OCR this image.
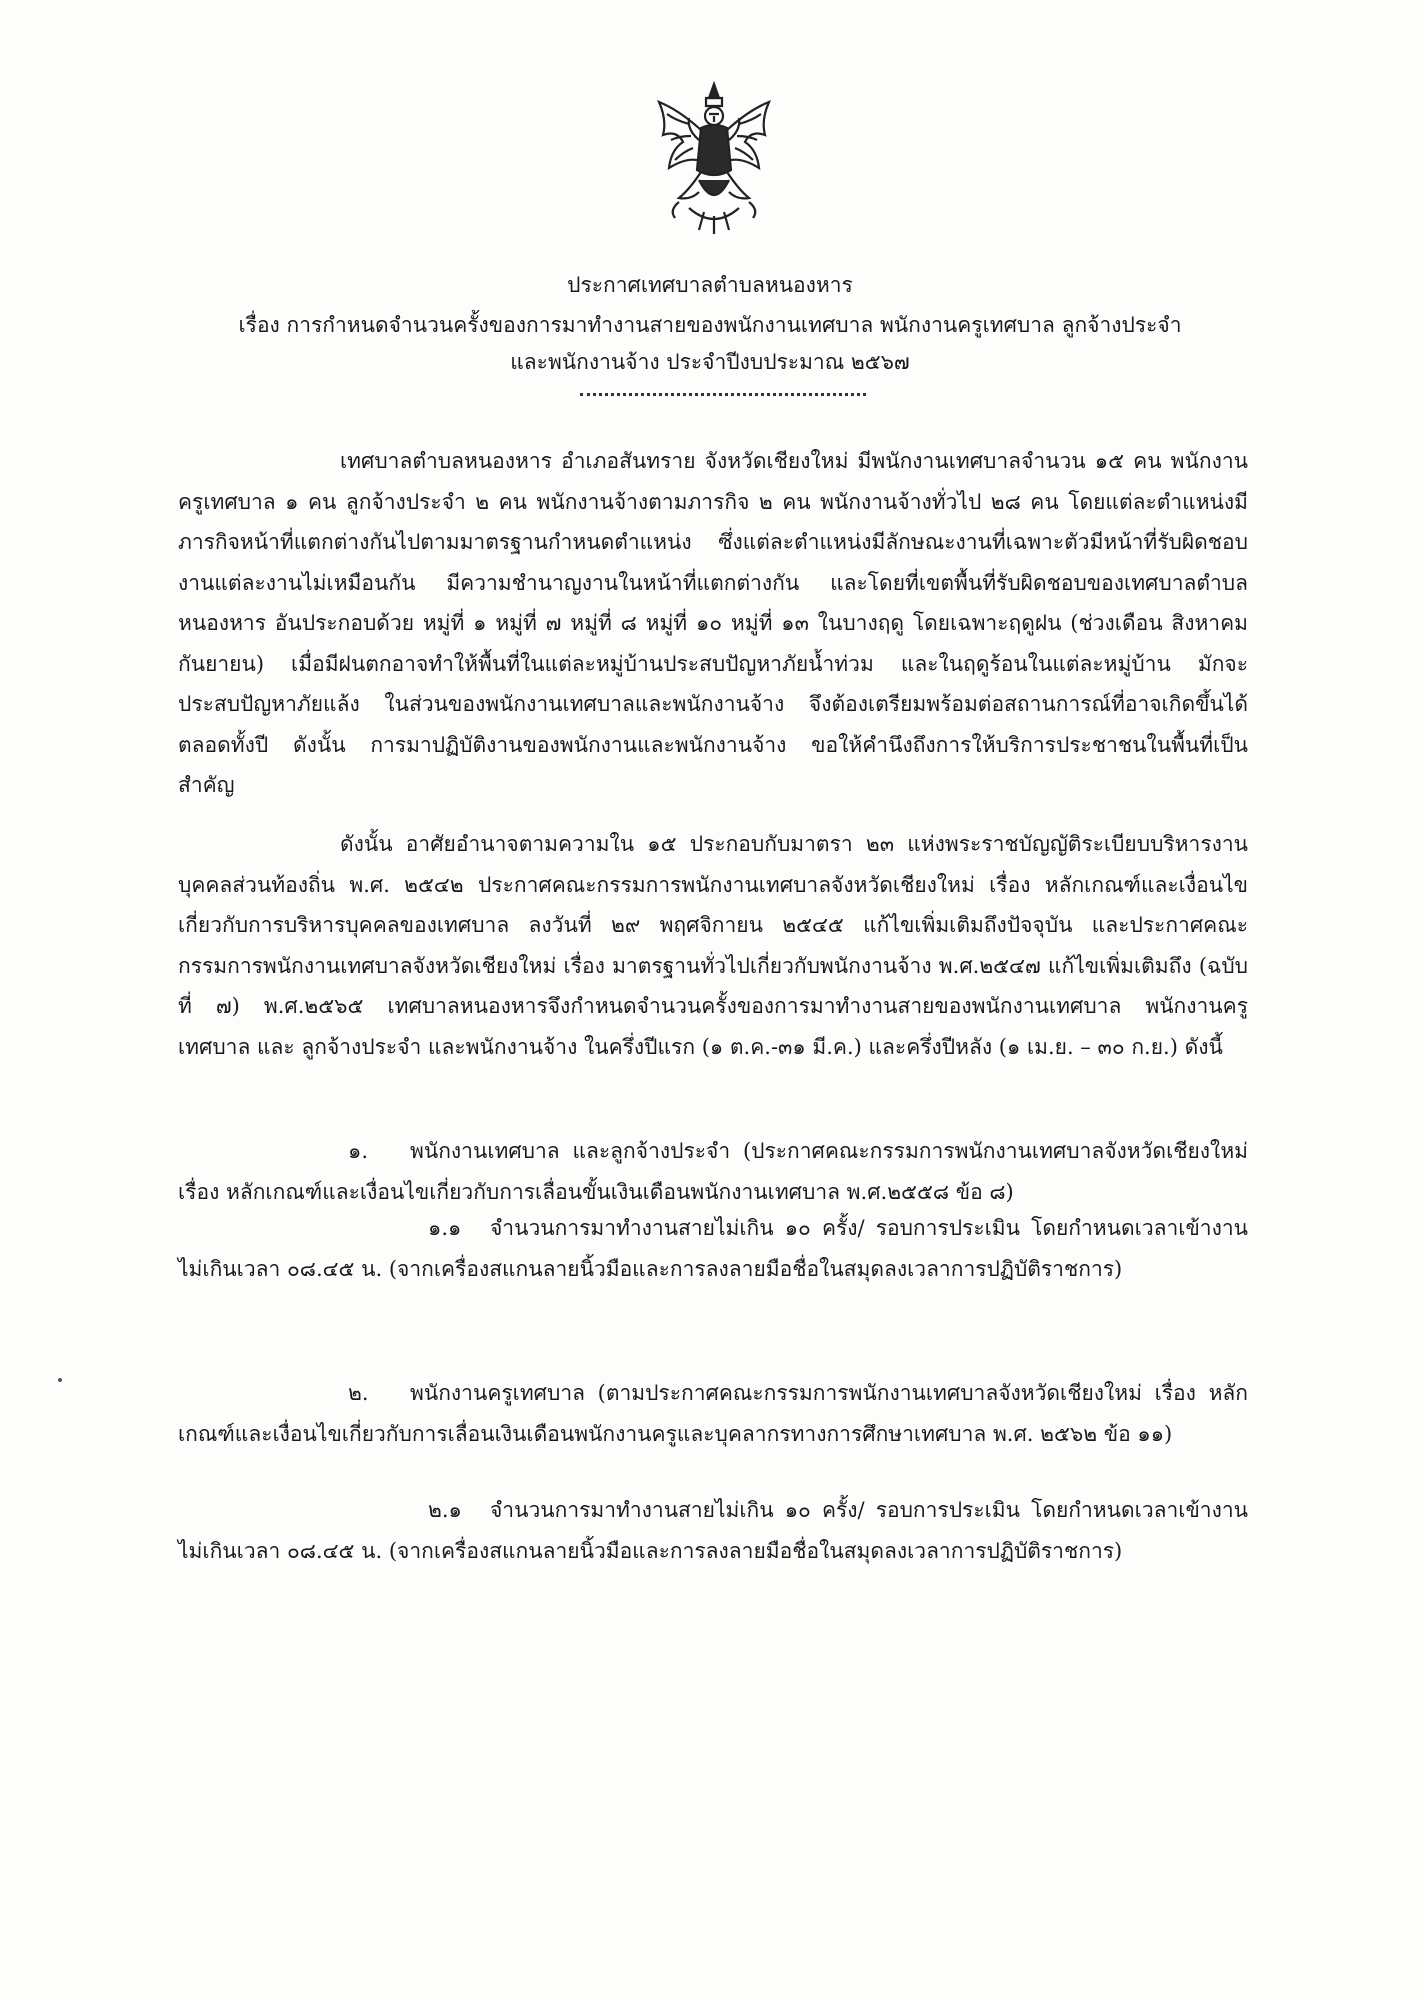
ประกาศเทศบาลตำบลหนองหาร
เรื่อง การกำหนดจำนวนครั้งของการมาทำงานสายของพนักงานเทศบาล พนักงานครูเทศบาล ลูกจ้างประจำ
และพนักงานจ้าง ประจำปีงบประมาณ ๒๕๖๗

เทศบาลตำบลหนองหาร อำเภอสันทราย จังหวัดเชียงใหม่ มีพนักงานเทศบาลจำนวน ๑๕ คน พนักงานครูเทศบาล ๑ คน ลูกจ้างประจำ ๒ คน พนักงานจ้างตามภารกิจ ๒ คน พนักงานจ้างทั่วไป ๒๘ คน โดยแต่ละตำแหน่งมีภารกิจหน้าที่แตกต่างกันไปตามมาตรฐานกำหนดตำแหน่ง ซึ่งแต่ละตำแหน่งมีลักษณะงานที่เฉพาะตัวมีหน้าที่รับผิดชอบงานแต่ละงานไม่เหมือนกัน มีความชำนาญงานในหน้าที่แตกต่างกัน และโดยที่เขตพื้นที่รับผิดชอบของเทศบาลตำบลหนองหาร อันประกอบด้วย หมู่ที่ ๑ หมู่ที่ ๗ หมู่ที่ ๘ หมู่ที่ ๑๐ หมู่ที่ ๑๓ ในบางฤดู โดยเฉพาะฤดูฝน (ช่วงเดือน สิงหาคม กันยายน) เมื่อมีฝนตกอาจทำให้พื้นที่ในแต่ละหมู่บ้านประสบปัญหาภัยน้ำท่วม และในฤดูร้อนในแต่ละหมู่บ้าน มักจะประสบปัญหาภัยแล้ง ในส่วนของพนักงานเทศบาลและพนักงานจ้าง จึงต้องเตรียมพร้อมต่อสถานการณ์ที่อาจเกิดขึ้นได้ตลอดทั้งปี ดังนั้น การมาปฏิบัติงานของพนักงานและพนักงานจ้าง ขอให้คำนึงถึงการให้บริการประชาชนในพื้นที่เป็นสำคัญ

ดังนั้น อาศัยอำนาจตามความใน ๑๕ ประกอบกับมาตรา ๒๓ แห่งพระราชบัญญัติระเบียบบริหารงานบุคคลส่วนท้องถิ่น พ.ศ. ๒๕๔๒ ประกาศคณะกรรมการพนักงานเทศบาลจังหวัดเชียงใหม่ เรื่อง หลักเกณฑ์และเงื่อนไขเกี่ยวกับการบริหารบุคคลของเทศบาล ลงวันที่ ๒๙ พฤศจิกายน ๒๕๔๕ แก้ไขเพิ่มเติมถึงปัจจุบัน และประกาศคณะกรรมการพนักงานเทศบาลจังหวัดเชียงใหม่ เรื่อง มาตรฐานทั่วไปเกี่ยวกับพนักงานจ้าง พ.ศ.๒๕๔๗ แก้ไขเพิ่มเติมถึง (ฉบับที่ ๗) พ.ศ.๒๕๖๕ เทศบาลหนองหารจึงกำหนดจำนวนครั้งของการมาทำงานสายของพนักงานเทศบาล พนักงานครูเทศบาล และ ลูกจ้างประจำ และพนักงานจ้าง ในครึ่งปีแรก (๑ ต.ค.-๓๑ มี.ค.) และครึ่งปีหลัง (๑ เม.ย. – ๓๐ ก.ย.) ดังนี้

๑. พนักงานเทศบาล และลูกจ้างประจำ (ประกาศคณะกรรมการพนักงานเทศบาลจังหวัดเชียงใหม่ เรื่อง หลักเกณฑ์และเงื่อนไขเกี่ยวกับการเลื่อนขั้นเงินเดือนพนักงานเทศบาล พ.ศ.๒๕๕๘ ข้อ ๘)
๑.๑ จำนวนการมาทำงานสายไม่เกิน ๑๐ ครั้ง/ รอบการประเมิน โดยกำหนดเวลาเข้างานไม่เกินเวลา ๐๘.๔๕ น. (จากเครื่องสแกนลายนิ้วมือและการลงลายมือชื่อในสมุดลงเวลาการปฏิบัติราชการ)
๒. พนักงานครูเทศบาล (ตามประกาศคณะกรรมการพนักงานเทศบาลจังหวัดเชียงใหม่ เรื่อง หลักเกณฑ์และเงื่อนไขเกี่ยวกับการเลื่อนเงินเดือนพนักงานครูและบุคลากรทางการศึกษาเทศบาล พ.ศ. ๒๕๖๒ ข้อ ๑๑)
๒.๑ จำนวนการมาทำงานสายไม่เกิน ๑๐ ครั้ง/ รอบการประเมิน โดยกำหนดเวลาเข้างานไม่เกินเวลา ๐๘.๔๕ น. (จากเครื่องสแกนลายนิ้วมือและการลงลายมือชื่อในสมุดลงเวลาการปฏิบัติราชการ)
